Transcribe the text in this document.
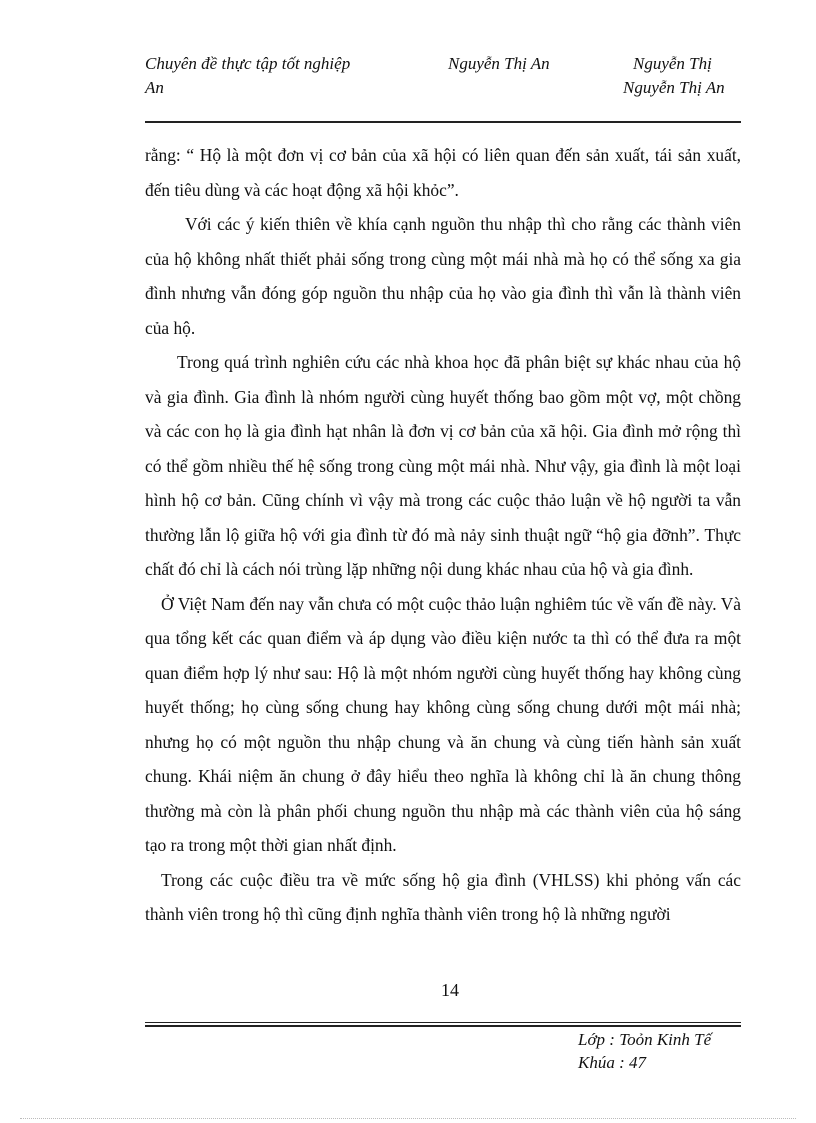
Chuyên đề thực tập tốt nghiệp
An
Nguyễn Thị An	Nguyễn Thị
Nguyễn Thị An

rằng: “ Hộ là một đơn vị cơ bản của xã hội có liên quan đến sản xuất, tái sản xuất, đến tiêu dùng và các hoạt động xã hội khỏc”.

Với các ý kiến thiên về khía cạnh nguồn thu nhập thì cho rằng các thành viên của hộ không nhất thiết phải sống trong cùng một mái nhà mà họ có thể sống xa gia đình nhưng vẫn đóng góp nguồn thu nhập của họ vào gia đình thì vẫn là thành viên của hộ.

Trong quá trình nghiên cứu các nhà khoa học đã phân biệt sự khác nhau của hộ và gia đình. Gia đình là nhóm người cùng huyết thống bao gồm một vợ, một chồng và các con họ là gia đình hạt nhân là đơn vị cơ bản của xã hội. Gia đình mở rộng thì có thể gồm nhiều thế hệ sống trong cùng một mái nhà. Như vậy, gia đình là một loại hình hộ cơ bản. Cũng chính vì vậy mà trong các cuộc thảo luận về hộ người ta vẫn thường lẫn lộ giữa hộ với gia đình từ đó mà nảy sinh thuật ngữ “hộ gia đỡnh”. Thực chất đó chỉ là cách nói trùng lặp những nội dung khác nhau của hộ và gia đình.

Ở Việt Nam đến nay vẫn chưa có một cuộc thảo luận nghiêm túc về vấn đề này. Và qua tổng kết các quan điểm và áp dụng vào điều kiện nước ta thì có thể đưa ra một quan điểm hợp lý như sau: Hộ là một nhóm người cùng huyết thống hay không cùng huyết thống; họ cùng sống chung hay không cùng sống chung dưới một mái nhà; nhưng họ có một nguồn thu nhập chung và ăn chung và cùng tiến hành sản xuất chung. Khái niệm ăn chung ở đây hiểu theo nghĩa là không chỉ là ăn chung thông thường mà còn là phân phối chung nguồn thu nhập mà các thành viên của hộ sáng tạo ra trong một thời gian nhất định.

Trong các cuộc điều tra về mức sống hộ gia đình (VHLSS) khi phỏng vấn các thành viên trong hộ thì cũng định nghĩa thành viên trong hộ là những người

14
Lớp : Toỏn Kinh Tế
Khúa : 47
